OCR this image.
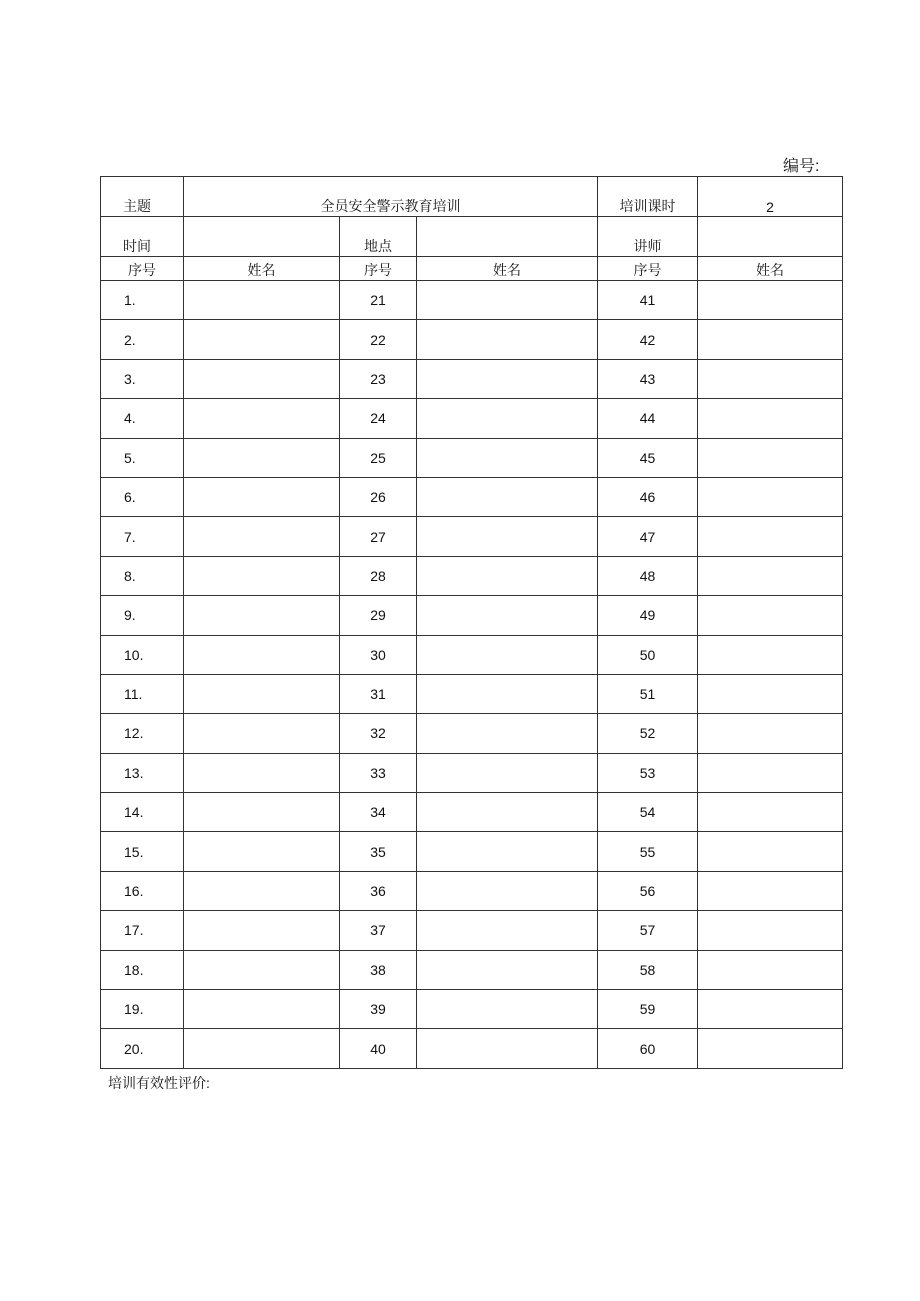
编号:
主题	全员安全警示教育培训			培训课时	2
时间		地点		讲师	
序号	姓名	序号	姓名	序号	姓名
1.		21		41	
2.		22		42	
3.		23		43	
4.		24		44	
5.		25		45	
6.		26		46	
7.		27		47	
8.		28		48	
9.		29		49	
10.		30		50	
11.		31		51	
12.		32		52	
13.		33		53	
14.		34		54	
15.		35		55	
16.		36		56	
17.		37		57	
18.		38		58	
19.		39		59	
20.		40		60	
培训有效性评价:
